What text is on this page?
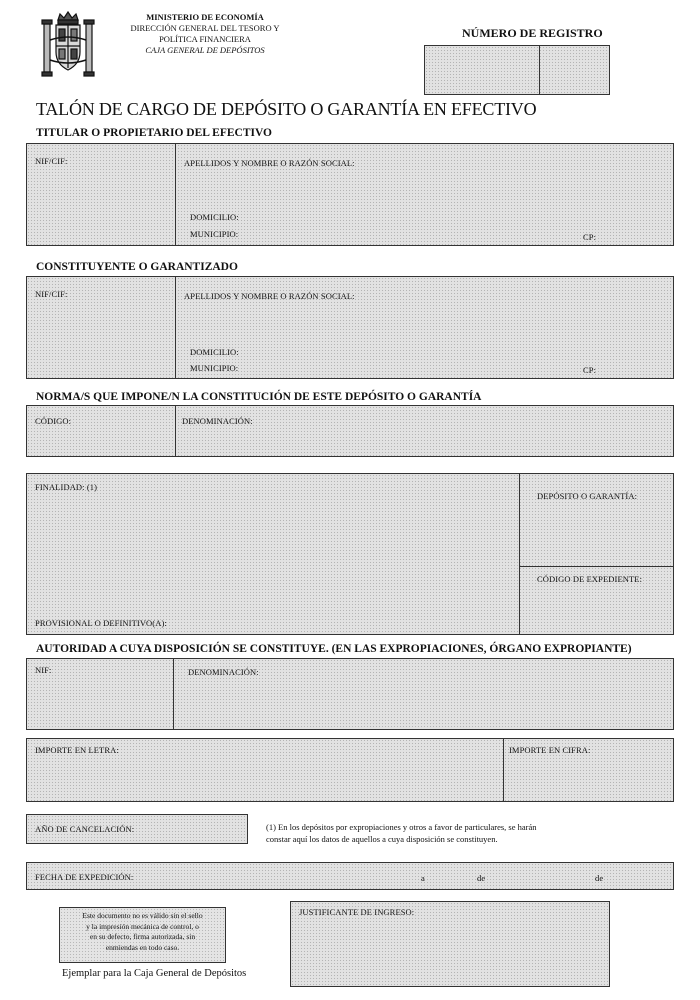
MINISTERIO DE ECONOMÍA
DIRECCIÓN GENERAL DEL TESORO Y
POLÍTICA FINANCIERA
CAJA GENERAL DE DEPÓSITOS
NÚMERO DE REGISTRO
TALÓN DE CARGO DE DEPÓSITO O GARANTÍA EN EFECTIVO
TITULAR O PROPIETARIO DEL EFECTIVO
NIF/CIF:	APELLIDOS Y NOMBRE O RAZÓN SOCIAL:
DOMICILIO:
MUNICIPIO:	CP:
CONSTITUYENTE O GARANTIZADO
NIF/CIF:	APELLIDOS Y NOMBRE O RAZÓN SOCIAL:
DOMICILIO:
MUNICIPIO:	CP:
NORMA/S QUE IMPONE/N LA CONSTITUCIÓN DE ESTE DEPÓSITO O GARANTÍA
CÓDIGO:	DENOMINACIÓN:
FINALIDAD: (1)
PROVISIONAL O DEFINITIVO(A):
DEPÓSITO O GARANTÍA:
CÓDIGO DE EXPEDIENTE:
AUTORIDAD A CUYA DISPOSICIÓN SE CONSTITUYE. (EN LAS EXPROPIACIONES, ÓRGANO EXPROPIANTE)
NIF:	DENOMINACIÓN:
IMPORTE EN LETRA:	IMPORTE EN CIFRA:
AÑO DE CANCELACIÓN:	(1) En los depósitos por expropiaciones y otros a favor de particulares, se harán
constar aquí los datos de aquellos a cuya disposición se constituyen.
FECHA DE EXPEDICIÓN:	a	de	de
Este documento no es válido sin el sello
y la impresión mecánica de control, o
en su defecto, firma autorizada, sin
enmiendas en todo caso.
JUSTIFICANTE DE INGRESO:
Ejemplar para la Caja General de Depósitos
